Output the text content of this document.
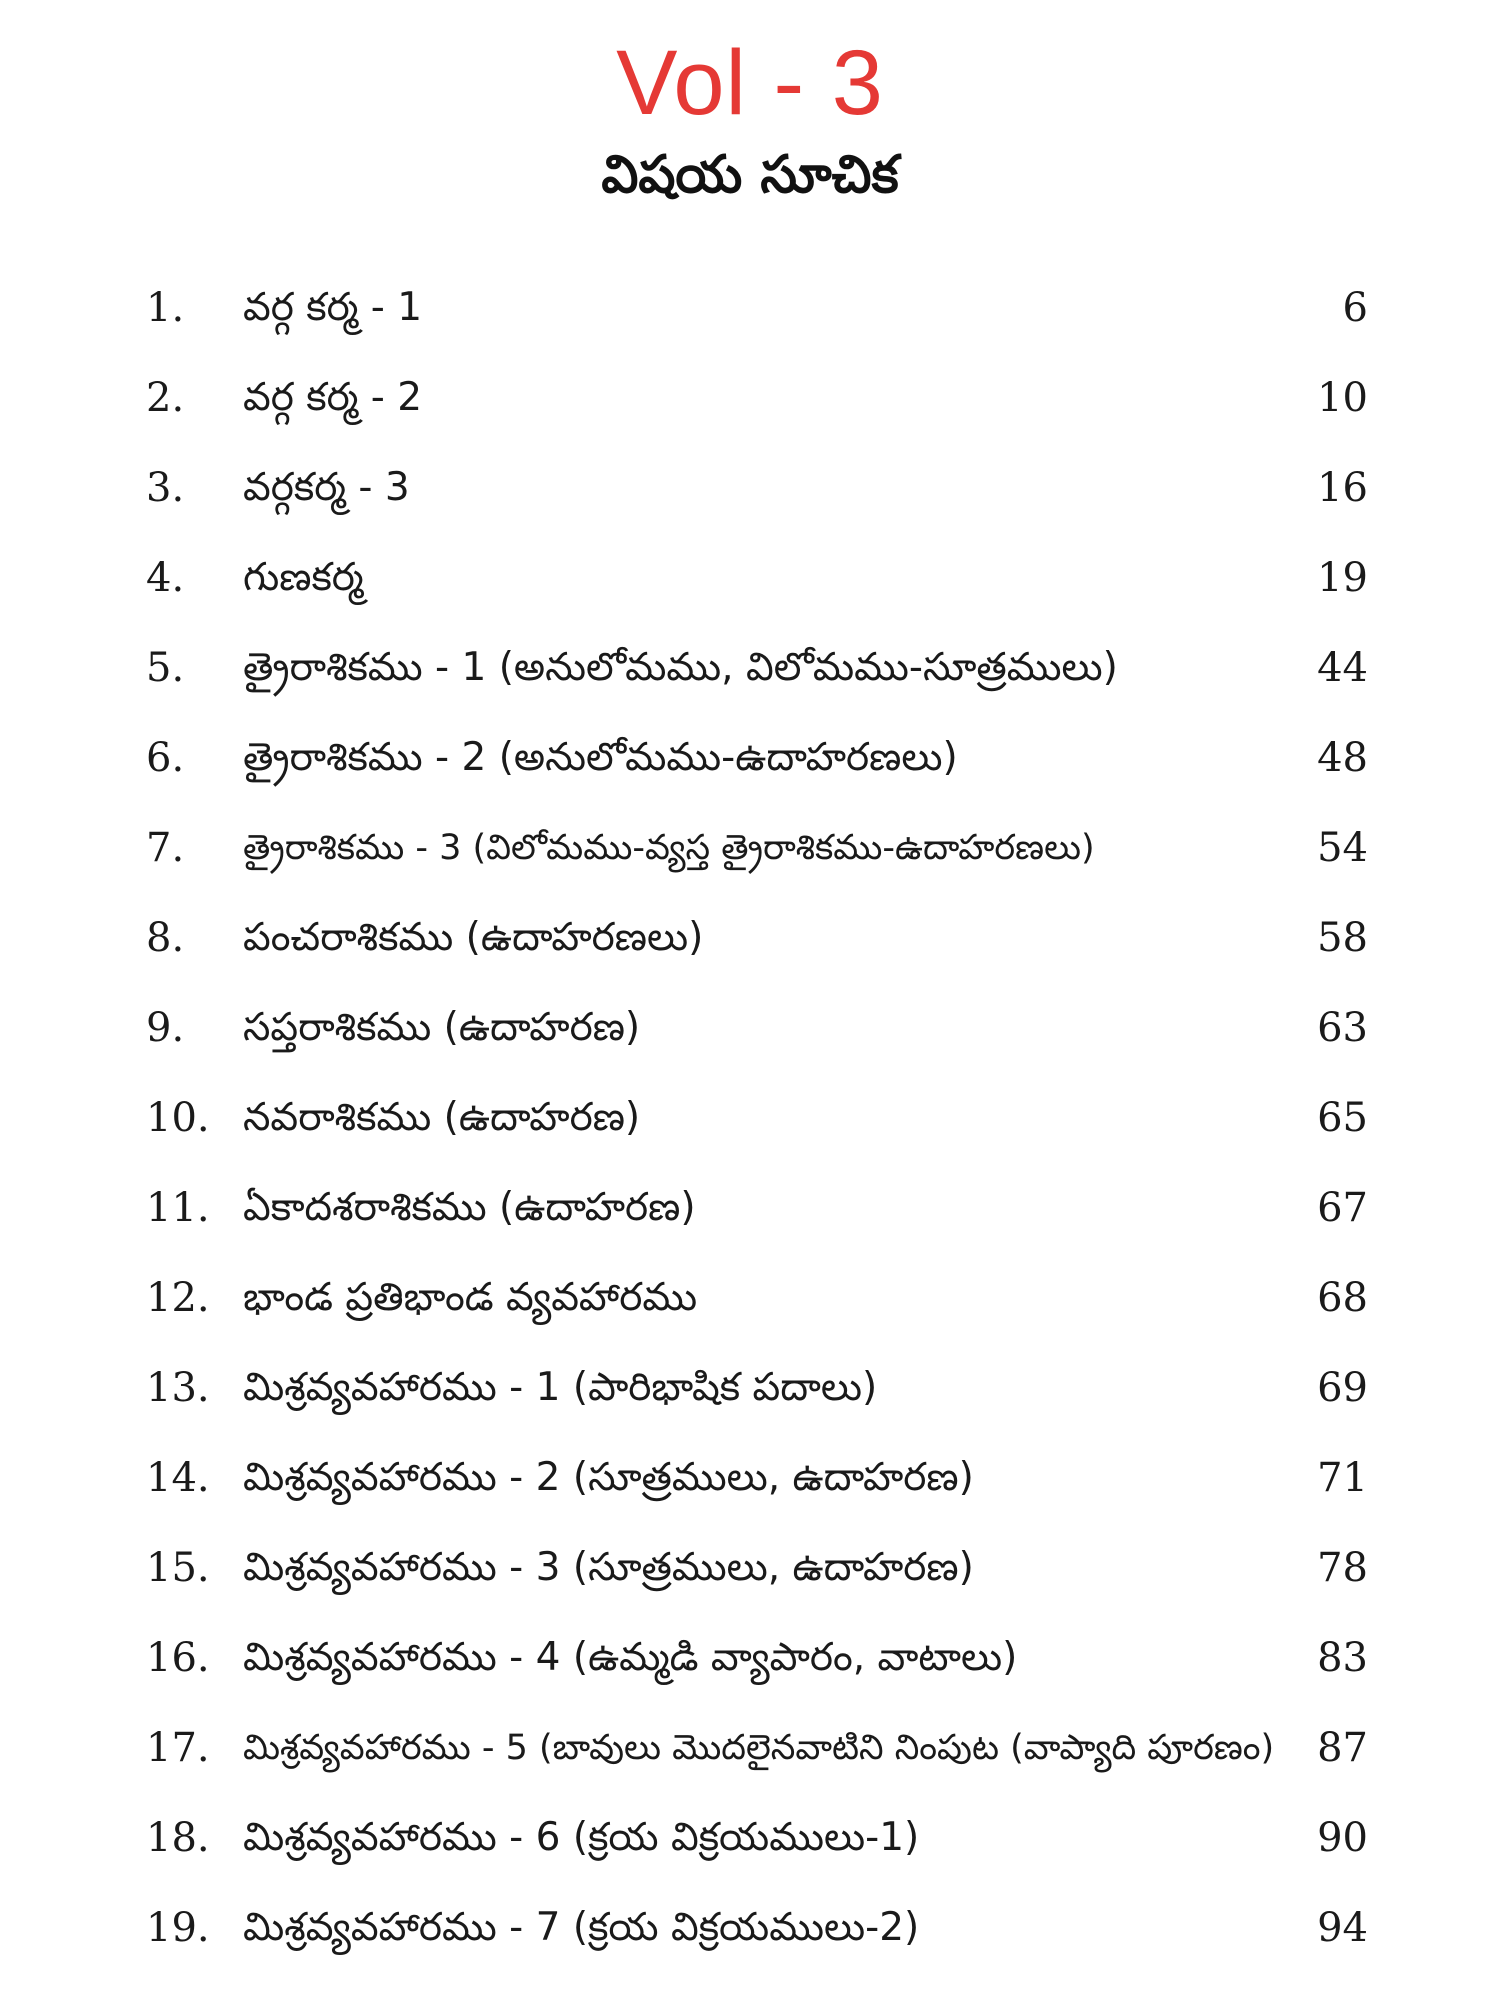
Vol - 3
విషయ సూచిక
1. వర్గ కర్మ - 1	6
2. వర్గ కర్మ - 2	10
3. వర్గకర్మ - 3	16
4. గుణకర్మ	19
5. త్రైరాశికము - 1 (అనులోమము, విలోమము-సూత్రములు)	44
6. త్రైరాశికము - 2 (అనులోమము-ఉదాహరణలు)	48
7. త్రైరాశికము - 3 (విలోమము-వ్యస్త త్రైరాశికము-ఉదాహరణలు)	54
8. పంచరాశికము (ఉదాహరణలు)	58
9. సప్తరాశికము (ఉదాహరణ)	63
10. నవరాశికము (ఉదాహరణ)	65
11. ఏకాదశరాశికము (ఉదాహరణ)	67
12. భాండ ప్రతిభాండ వ్యవహారము	68
13. మిశ్రవ్యవహారము - 1 (పారిభాషిక పదాలు)	69
14. మిశ్రవ్యవహారము - 2 (సూత్రములు, ఉదాహరణ)	71
15. మిశ్రవ్యవహారము - 3 (సూత్రములు, ఉదాహరణ)	78
16. మిశ్రవ్యవహారము - 4 (ఉమ్మడి వ్యాపారం, వాటాలు)	83
17. మిశ్రవ్యవహారము - 5 (బావులు మొదలైనవాటిని నింపుట (వాప్యాది పూరణం) 87
18. మిశ్రవ్యవహారము - 6 (క్రయ విక్రయములు-1)	90
19. మిశ్రవ్యవహారము - 7 (క్రయ విక్రయములు-2)	94
